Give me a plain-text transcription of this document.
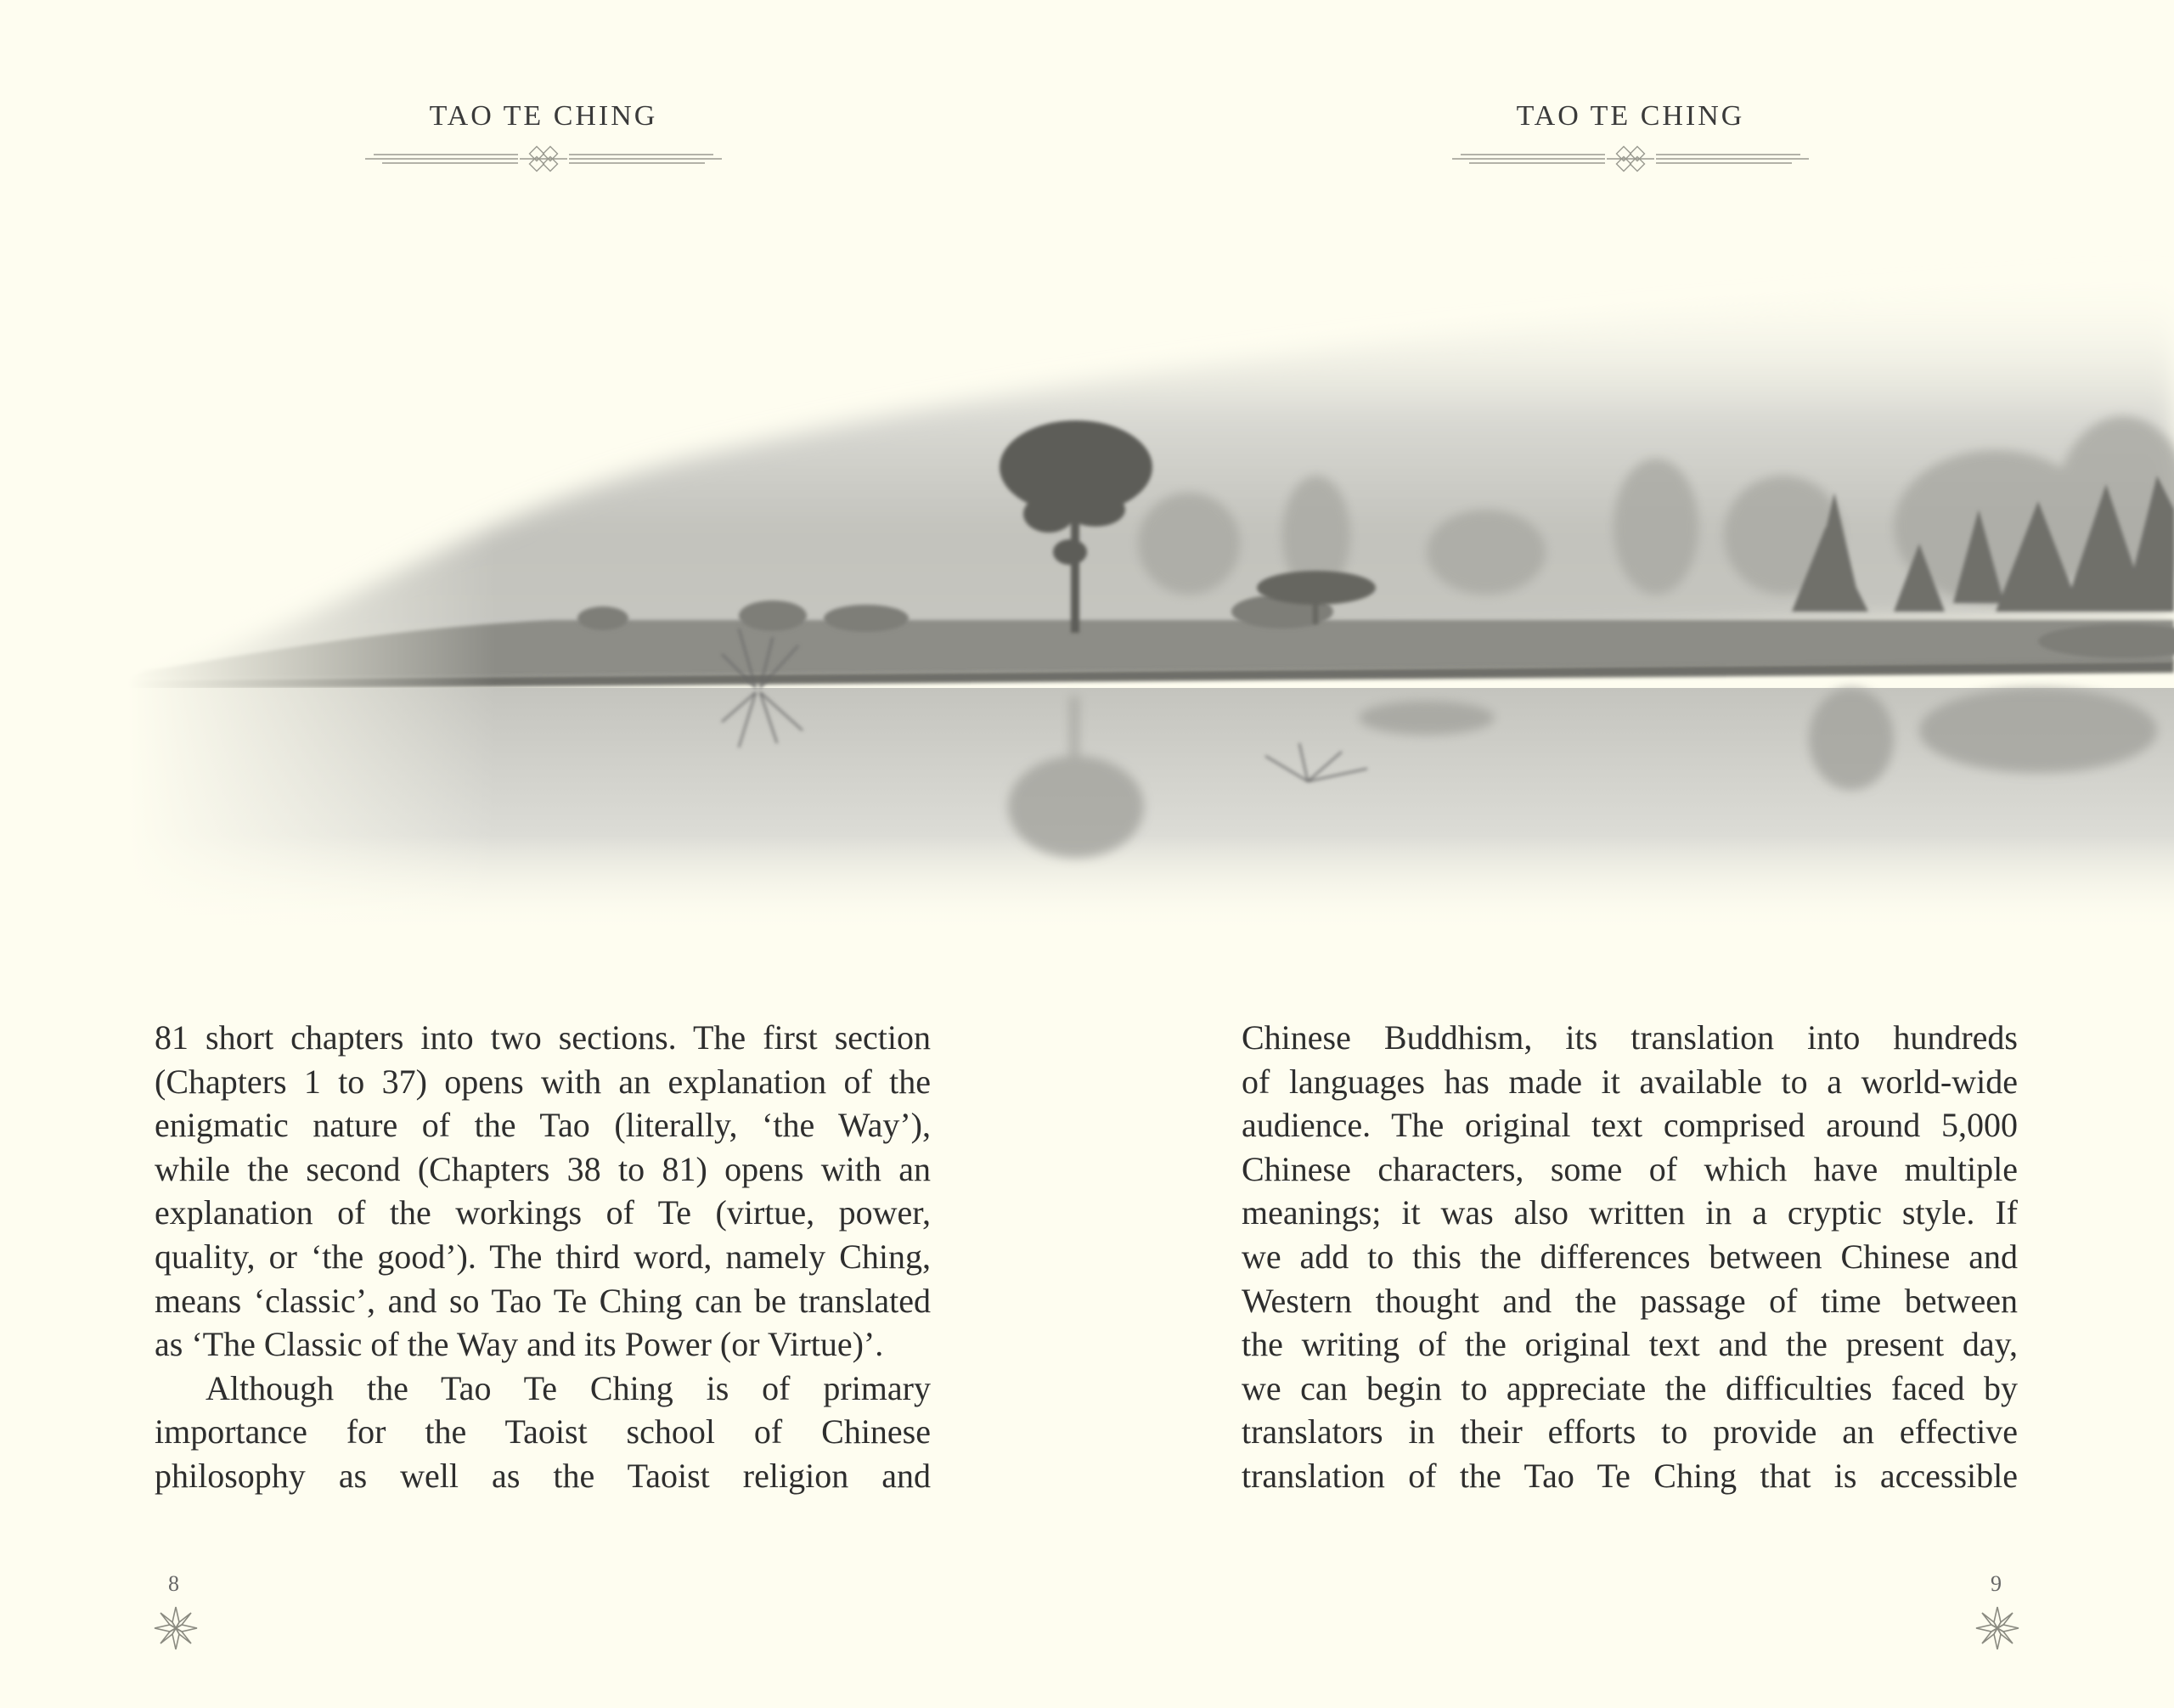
TAO TE CHING

81 short chapters into two sections. The first section
(Chapters 1 to 37) opens with an explanation of the
enigmatic nature of the Tao (literally, ‘the Way’),
while the second (Chapters 38 to 81) opens with an
explanation of the workings of Te (virtue, power,
quality, or ‘the good’). The third word, namely Ching,
means ‘classic’, and so Tao Te Ching can be translated
as ‘The Classic of the Way and its Power (or Virtue)’.
Although the Tao Te Ching is of primary
importance for the Taoist school of Chinese
philosophy as well as the Taoist religion and

8
TAO TE CHING

Chinese Buddhism, its translation into hundreds
of languages has made it available to a world-wide
audience. The original text comprised around 5,000
Chinese characters, some of which have multiple
meanings; it was also written in a cryptic style. If
we add to this the differences between Chinese and
Western thought and the passage of time between
the writing of the original text and the present day,
we can begin to appreciate the difficulties faced by
translators in their efforts to provide an effective
translation of the Tao Te Ching that is accessible

9
